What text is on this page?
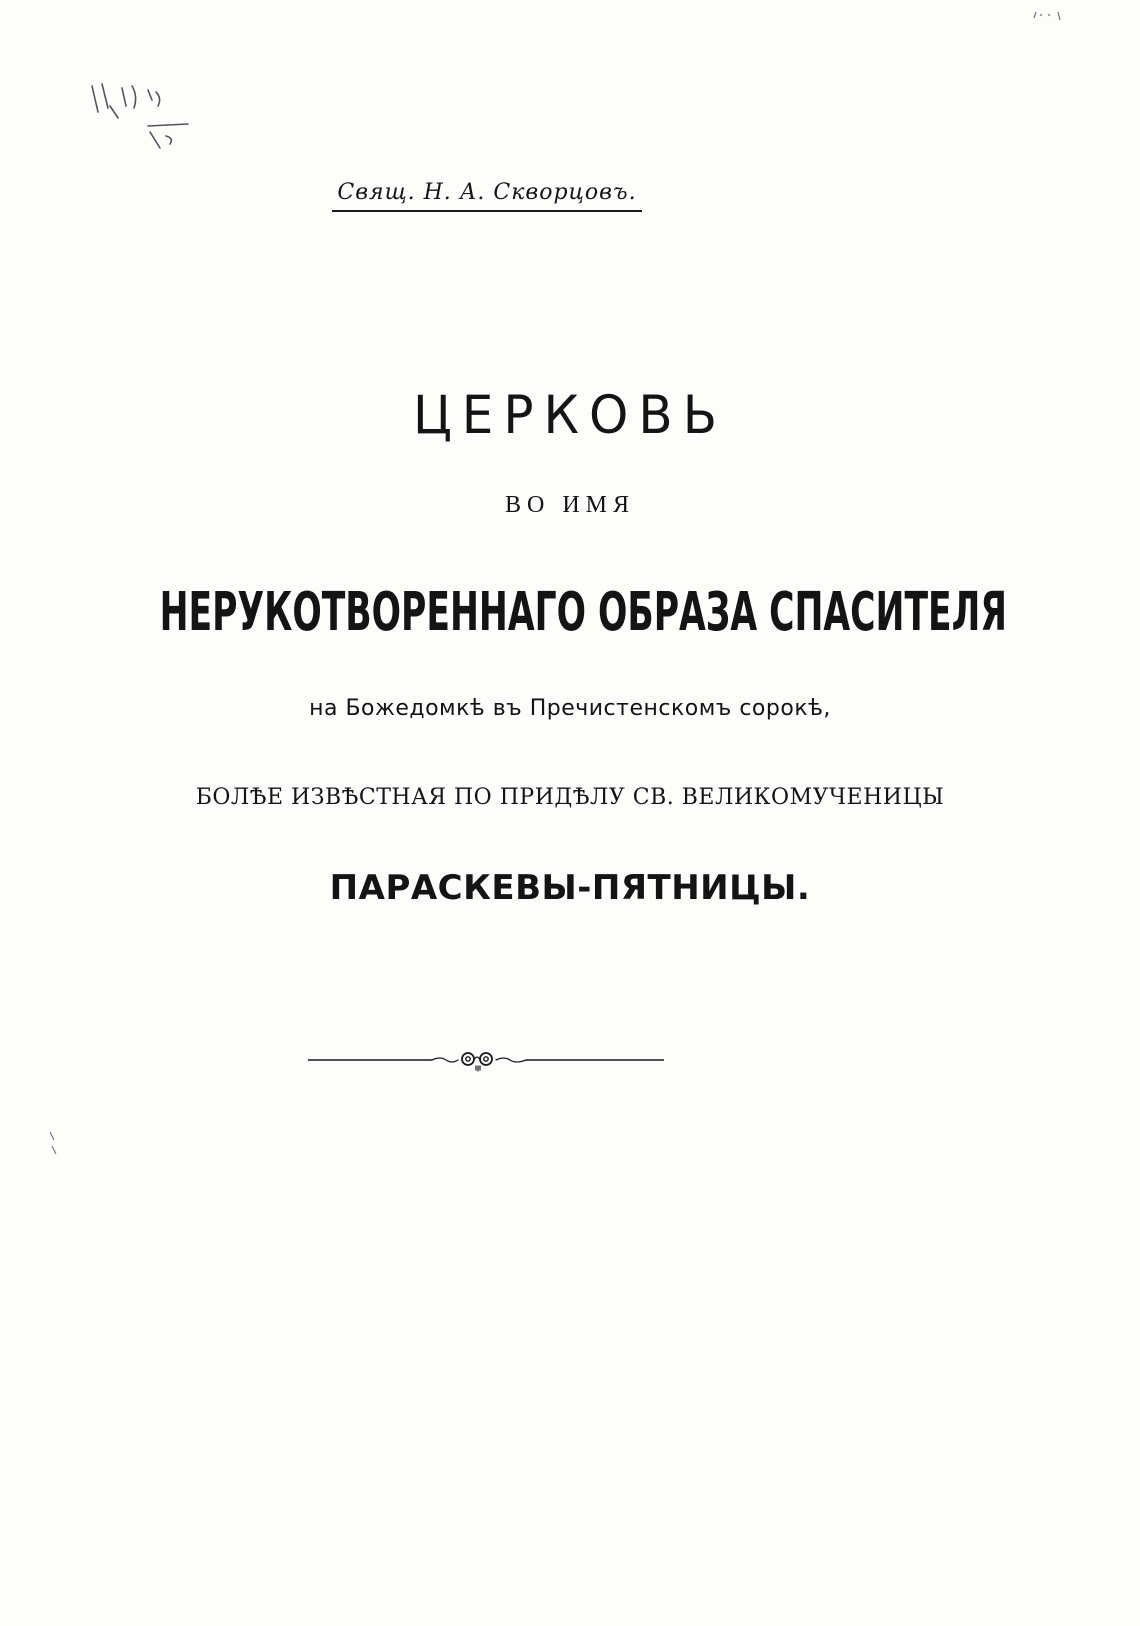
Свящ. Н. А. Скворцовъ.
ЦЕРКОВЬ
ВО ИМЯ
НЕРУКОТВОРЕННАГО ОБРАЗА СПАСИТЕЛЯ
на Божедомкѣ въ Пречистенскомъ сорокѣ,
БОЛѢЕ ИЗВѢСТНАЯ ПО ПРИДѢЛУ СВ. ВЕЛИКОМУЧЕНИЦЫ
ПАРАСКЕВЫ-ПЯТНИЦЫ.
